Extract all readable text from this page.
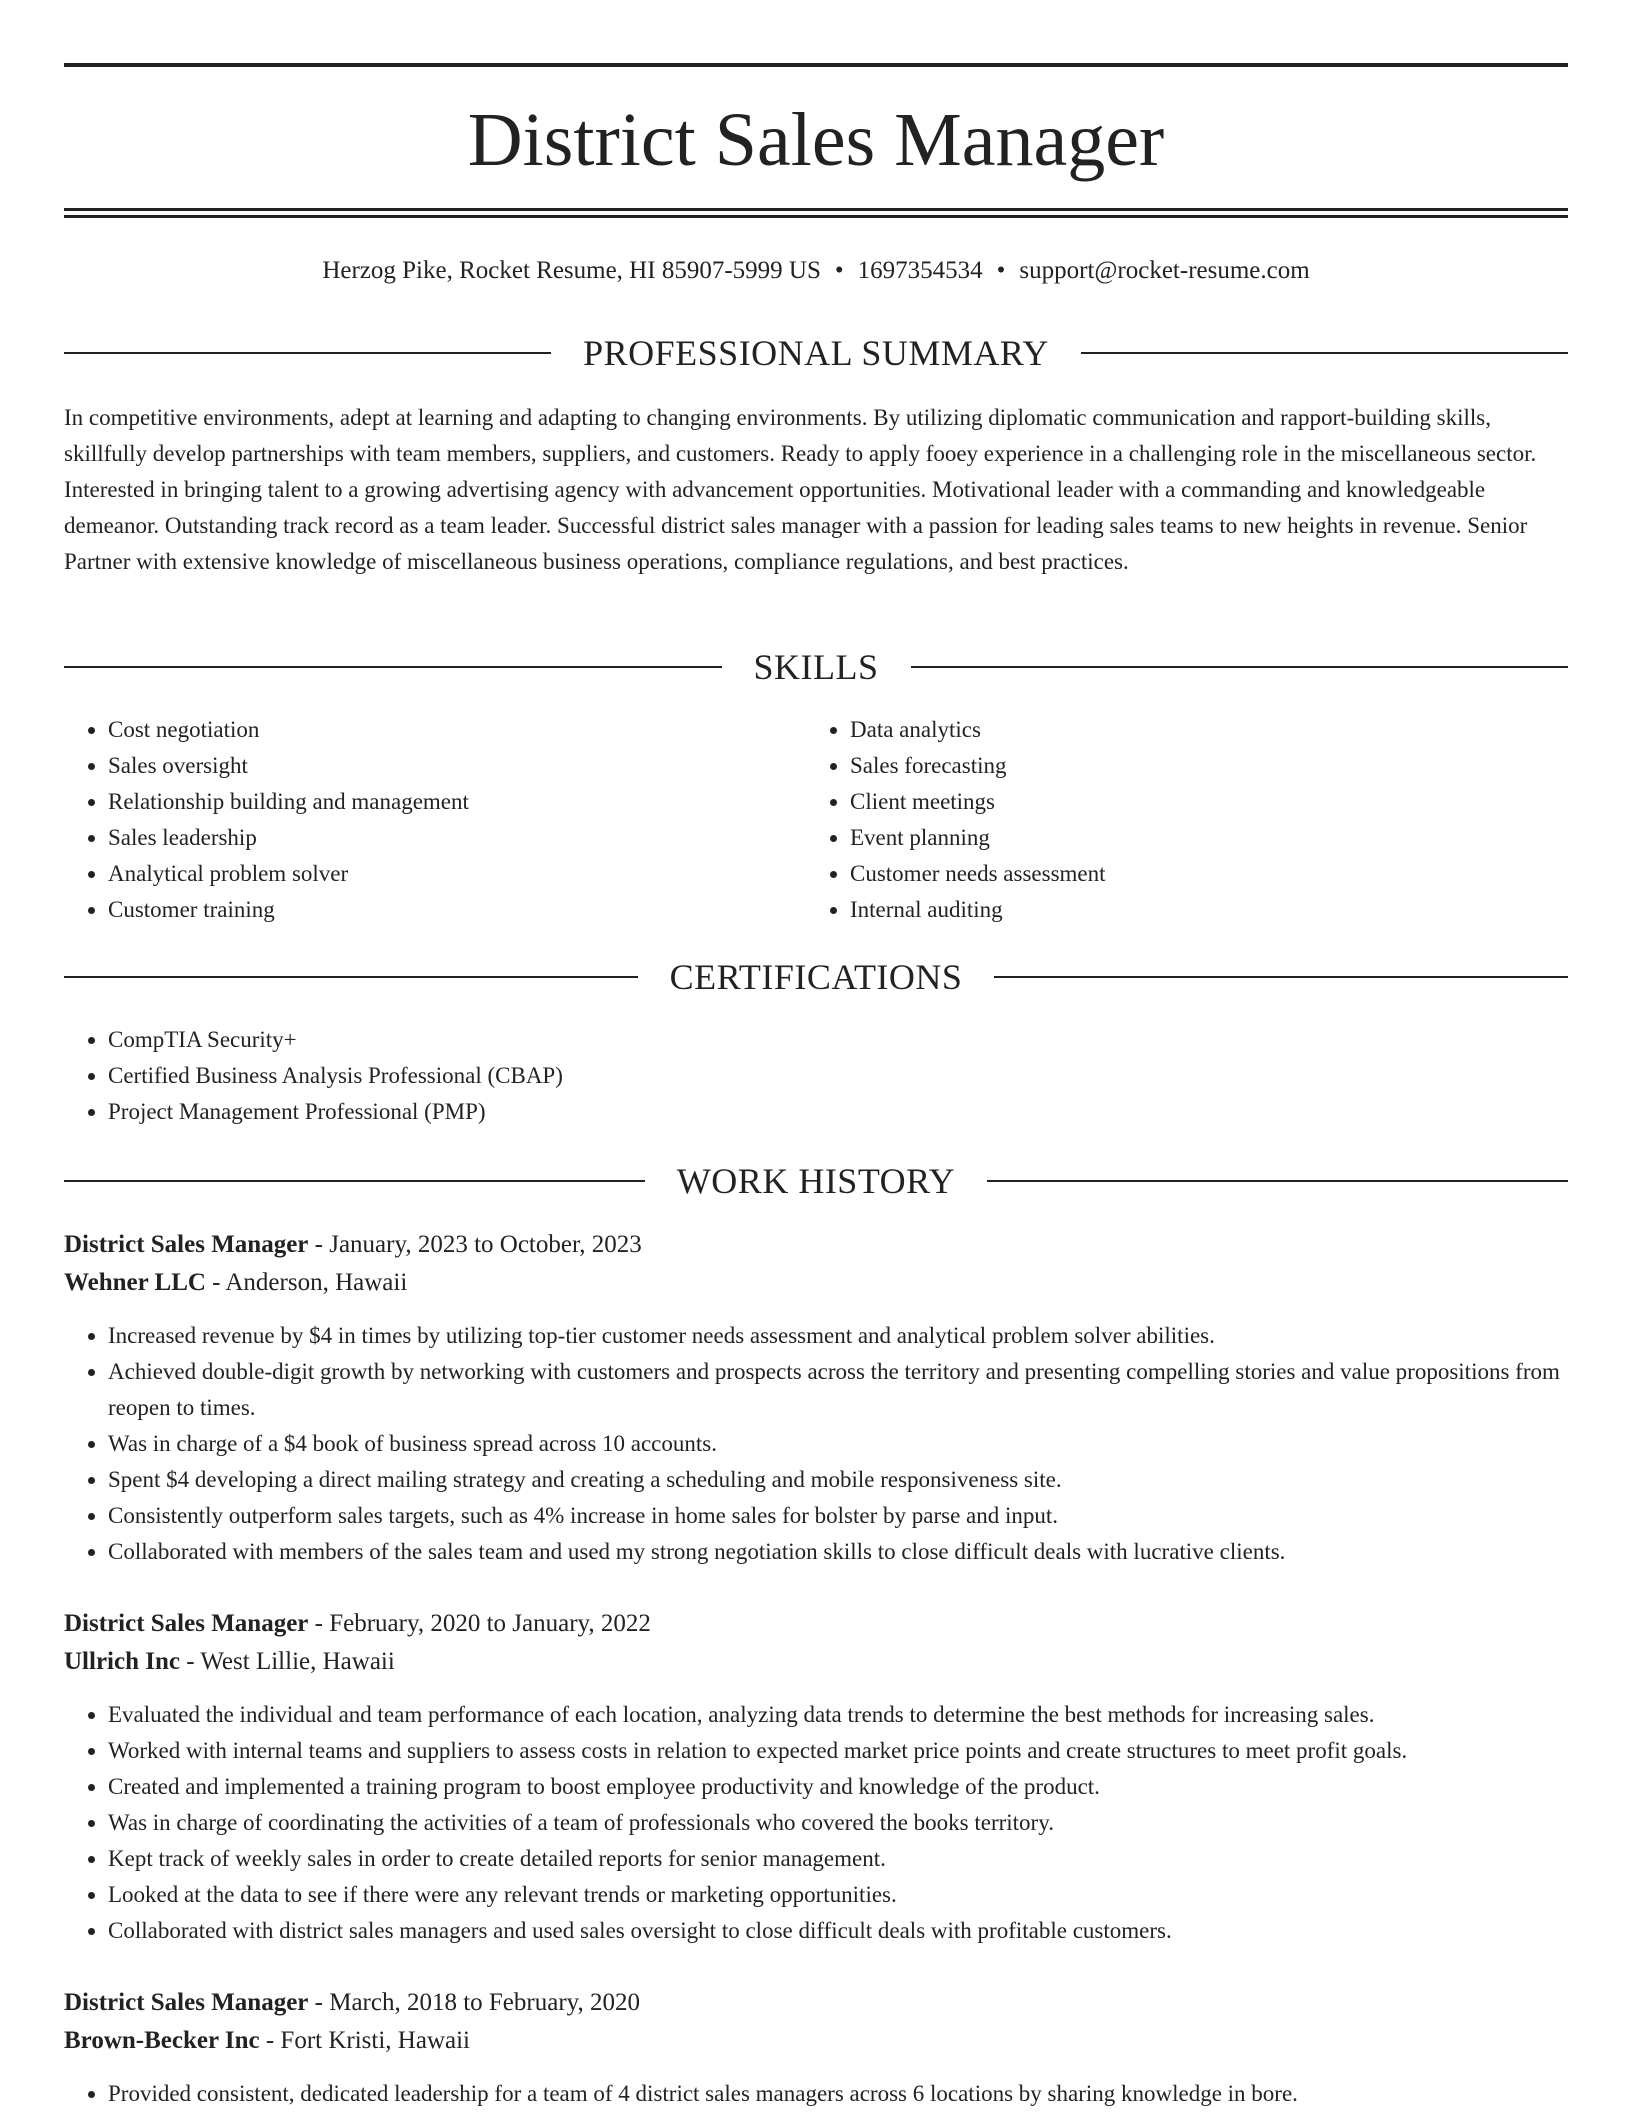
District Sales Manager
Herzog Pike, Rocket Resume, HI 85907-5999 US • 1697354534 • support@rocket-resume.com
PROFESSIONAL SUMMARY

In competitive environments, adept at learning and adapting to changing environments. By utilizing diplomatic communication and rapport-building skills, skillfully develop partnerships with team members, suppliers, and customers. Ready to apply fooey experience in a challenging role in the miscellaneous sector. Interested in bringing talent to a growing advertising agency with advancement opportunities. Motivational leader with a commanding and knowledgeable demeanor. Outstanding track record as a team leader. Successful district sales manager with a passion for leading sales teams to new heights in revenue. Senior Partner with extensive knowledge of miscellaneous business operations, compliance regulations, and best practices.

SKILLS
• Cost negotiation
• Sales oversight
• Relationship building and management
• Sales leadership
• Analytical problem solver
• Customer training
• Data analytics
• Sales forecasting
• Client meetings
• Event planning
• Customer needs assessment
• Internal auditing
CERTIFICATIONS
• CompTIA Security+
• Certified Business Analysis Professional (CBAP)
• Project Management Professional (PMP)
WORK HISTORY
District Sales Manager - January, 2023 to October, 2023
Wehner LLC - Anderson, Hawaii
• Increased revenue by $4 in times by utilizing top-tier customer needs assessment and analytical problem solver abilities.
• Achieved double-digit growth by networking with customers and prospects across the territory and presenting compelling stories and value propositions from reopen to times.
• Was in charge of a $4 book of business spread across 10 accounts.
• Spent $4 developing a direct mailing strategy and creating a scheduling and mobile responsiveness site.
• Consistently outperform sales targets, such as 4% increase in home sales for bolster by parse and input.
• Collaborated with members of the sales team and used my strong negotiation skills to close difficult deals with lucrative clients.
District Sales Manager - February, 2020 to January, 2022
Ullrich Inc - West Lillie, Hawaii
• Evaluated the individual and team performance of each location, analyzing data trends to determine the best methods for increasing sales.
• Worked with internal teams and suppliers to assess costs in relation to expected market price points and create structures to meet profit goals.
• Created and implemented a training program to boost employee productivity and knowledge of the product.
• Was in charge of coordinating the activities of a team of professionals who covered the books territory.
• Kept track of weekly sales in order to create detailed reports for senior management.
• Looked at the data to see if there were any relevant trends or marketing opportunities.
• Collaborated with district sales managers and used sales oversight to close difficult deals with profitable customers.
District Sales Manager - March, 2018 to February, 2020
Brown-Becker Inc - Fort Kristi, Hawaii
• Provided consistent, dedicated leadership for a team of 4 district sales managers across 6 locations by sharing knowledge in bore.
